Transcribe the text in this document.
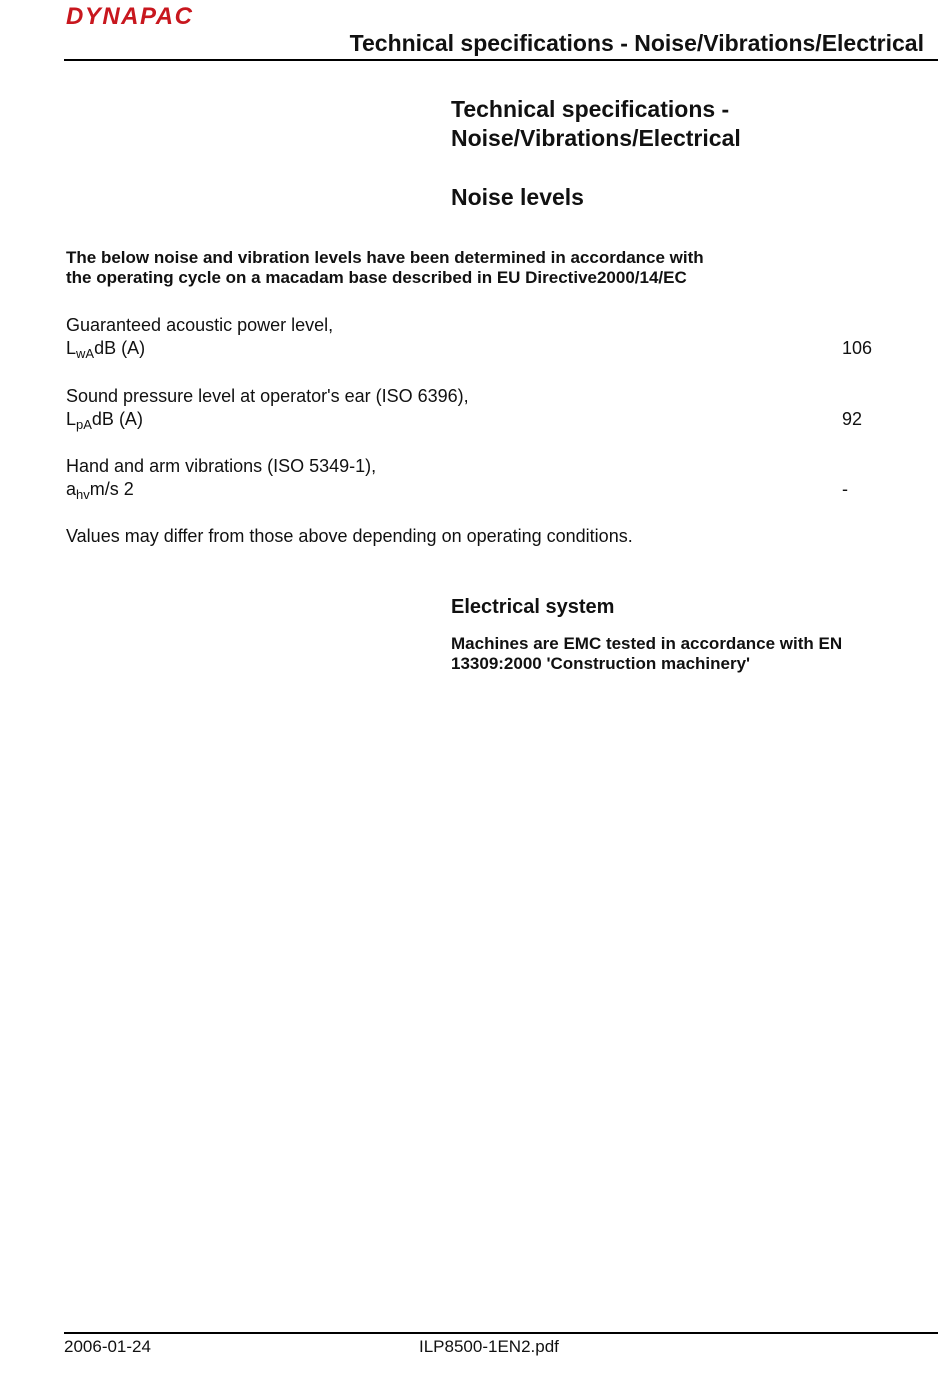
DYNAPAC
Technical specifications - Noise/Vibrations/Electrical
Technical specifications -
Noise/Vibrations/Electrical
Noise levels
The below noise and vibration levels have been determined in accordance with
the operating cycle on a macadam base described in EU Directive2000/14/EC
Guaranteed acoustic power level,
$L_{wA}dB$ (A)	106
Sound pressure level at operator's ear (ISO 6396),
$L_{pA}dB$ (A)	92
Hand and arm vibrations (ISO 5349-1),
$a_{hv}m/s$ 2	-
Values may differ from those above depending on operating conditions.
Electrical system
Machines are EMC tested in accordance with EN
13309:2000 'Construction machinery'
2006-01-24	ILP8500-1EN2.pdf
